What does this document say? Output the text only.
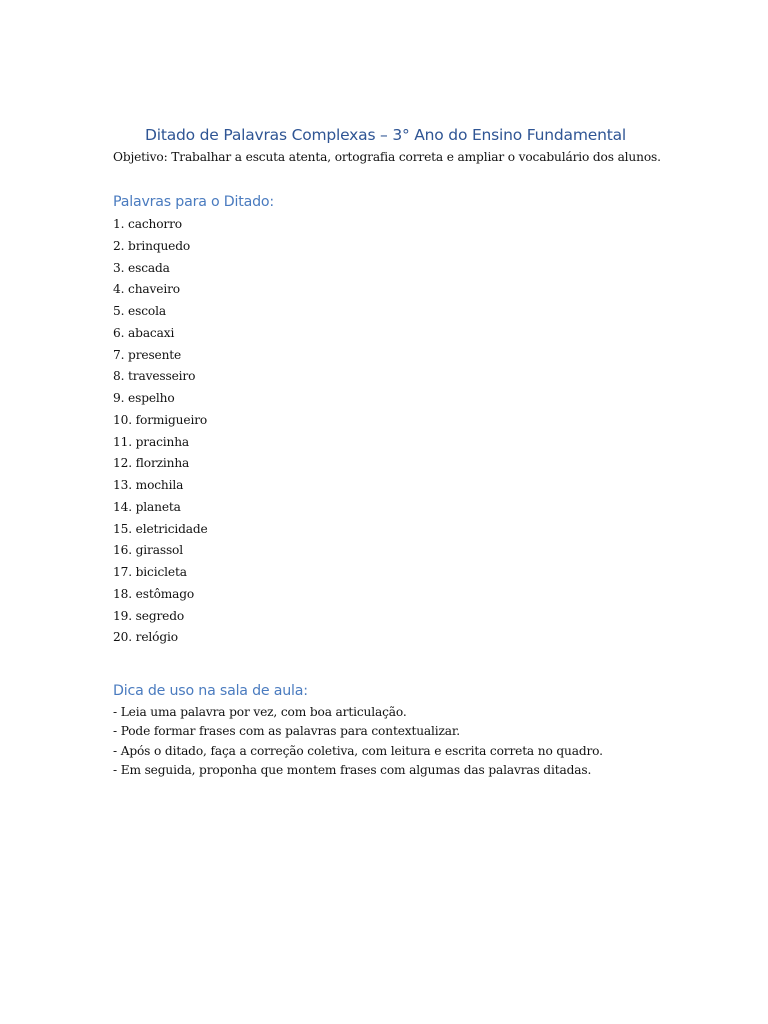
Ditado de Palavras Complexas – 3° Ano do Ensino Fundamental

Objetivo: Trabalhar a escuta atenta, ortografia correta e ampliar o vocabulário dos alunos.

Palavras para o Ditado:
1. cachorro
2. brinquedo
3. escada
4. chaveiro
5. escola
6. abacaxi
7. presente
8. travesseiro
9. espelho
10. formigueiro
11. pracinha
12. florzinha
13. mochila
14. planeta
15. eletricidade
16. girassol
17. bicicleta
18. estômago
19. segredo
20. relógio
Dica de uso na sala de aula:
- Leia uma palavra por vez, com boa articulação.
- Pode formar frases com as palavras para contextualizar.
- Após o ditado, faça a correção coletiva, com leitura e escrita correta no quadro.
- Em seguida, proponha que montem frases com algumas das palavras ditadas.
